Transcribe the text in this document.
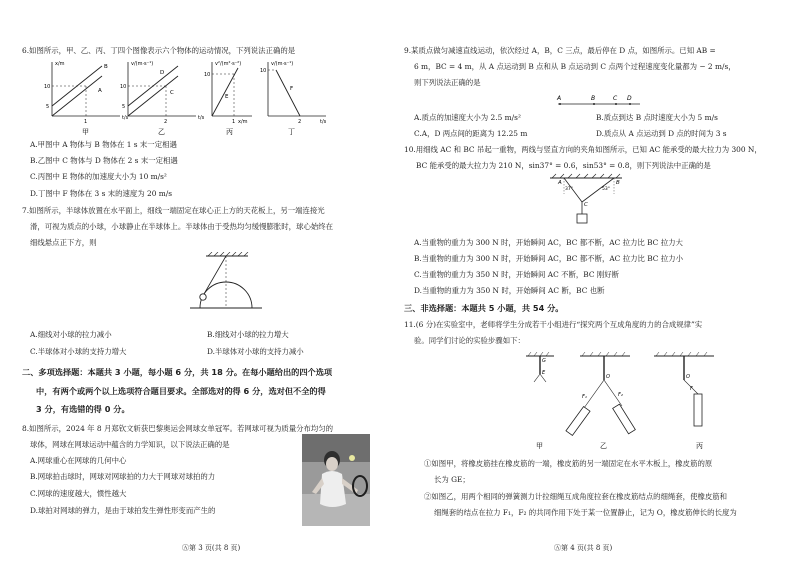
6.如图所示，甲、乙、丙、丁四个图像表示六个物体的运动情况，下列说法正确的是
x/m
t/s
B
A
10
5
1
甲
v/(m·s⁻¹)
t/s
D
C
10
5
2
乙
v²/(m²·s⁻²)
x/m
E
10
1
丙
v/(m·s⁻¹)
t/s
F
10
2
丁
A.甲图中 A 物体与 B 物体在 1 s 末一定相遇
B.乙图中 C 物体与 D 物体在 2 s 末一定相遇
C.丙图中 E 物体的加速度大小为 10 m/s²
D.丁图中 F 物体在 3 s 末的速度为 20 m/s
7.如图所示，半球体放置在水平面上，细线一端固定在球心正上方的天花板上，另一端连接光
滑，可视为质点的小球，小球静止在半球体上。半球体由于受热均匀缓慢膨胀时，球心始终在
细线悬点正下方，则
A.细线对小球的拉力减小	B.细线对小球的拉力增大
C.半球体对小球的支持力增大	D.半球体对小球的支持力减小
二、多项选择题：本题共 3 小题，每小题 6 分，共 18 分。在每小题给出的四个选项
中，有两个或两个以上选项符合题目要求。全部选对的得 6 分，选对但不全的得
3 分，有选错的得 0 分。
8.如图所示，2024 年 8 月郑钦文斩获巴黎奥运会网球女单冠军。若网球可视为质量分布均匀的
球体，网球在网球运动中蕴含的力学知识，以下说法正确的是
A.网球重心在网球的几何中心
B.网球拍击球时，网球对网球拍的力大于网球对球拍的力
C.网球的速度越大，惯性越大
D.球拍对网球的弹力，是由于球拍发生弹性形变而产生的
Ⓐ第 3 页(共 8 页)
9.某质点做匀减速直线运动，依次经过 A，B，C 三点，最后停在 D 点，如图所示。已知 AB =
6 m，BC = 4 m，从 A 点运动到 B 点和从 B 点运动到 C 点两个过程速度变化量都为 − 2 m/s，
则下列说法正确的是
A	B	C D
A.质点的加速度大小为 2.5 m/s²	B.质点到达 B 点时速度大小为 5 m/s
C.A，D 两点间的距离为 12.25 m	D.质点从 A 点运动到 D 点的时间为 3 s
10.用细线 AC 和 BC 吊起一重物，两线与竖直方向的夹角如图所示，已知 AC 能承受的最大拉力为 300 N，
BC 能承受的最大拉力为 210 N，sin37° = 0.6，sin53° = 0.8，则下列说法中正确的是
A	B
C
37°	53°
A.当重物的重力为 300 N 时，开始瞬间 AC，BC 都不断，AC 拉力比 BC 拉力大
B.当重物的重力为 300 N 时，开始瞬间 AC，BC 都不断，AC 拉力比 BC 拉力小
C.当重物的重力为 350 N 时，开始瞬间 AC 不断，BC 刚好断
D.当重物的重力为 350 N 时，开始瞬间 AC 断，BC 也断
三、非选择题：本题共 5 小题，共 54 分。
11.(6 分)在实验室中，老师将学生分成若干小组进行“探究两个互成角度的力的合成规律”实
验。同学们讨论的实验步骤如下：
G
E
甲
O
F₁	F₂
乙
O
F
丙
①如图甲，将橡皮筋挂在橡皮筋的一端，橡皮筋的另一端固定在水平木板上，橡皮筋的原
长为 GE；
②如图乙，用两个相同的弹簧测力计拉细绳互成角度拉套在橡皮筋结点的细绳套，使橡皮筋和
细绳套的结点在拉力 F₁，F₂ 的共同作用下处于某一位置静止，记为 O，橡皮筋伸长的长度为
Ⓐ第 4 页(共 8 页)
